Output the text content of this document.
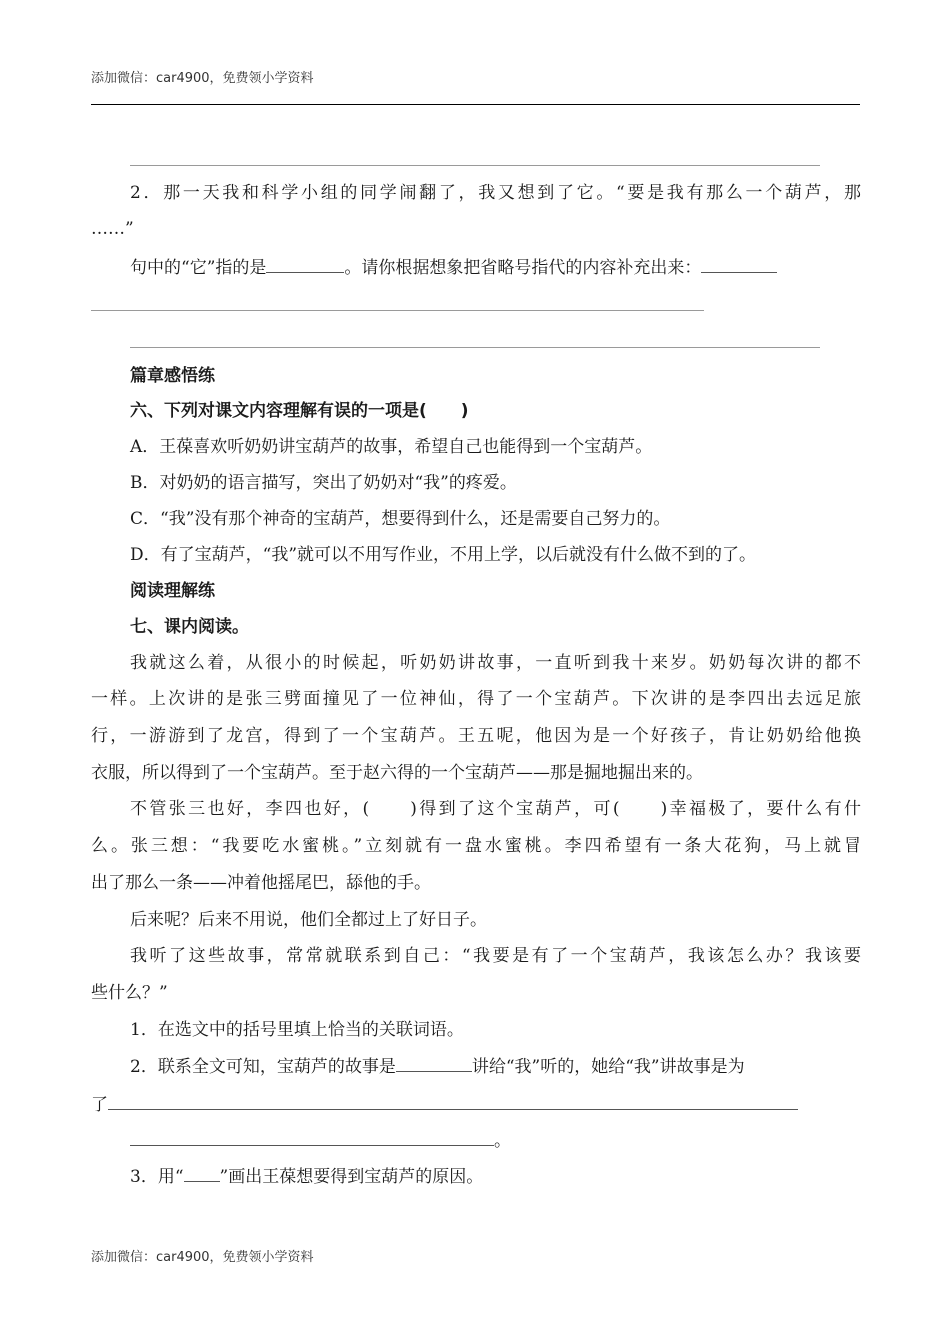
添加微信：car4900，免费领小学资料
2．那一天我和科学小组的同学闹翻了，我又想到了它。“要是我有那么一个葫芦，那
……”
句中的“它”指的是	。请你根据想象把省略号指代的内容补充出来：
篇章感悟练
六、下列对课文内容理解有误的一项是(　　)
A．王葆喜欢听奶奶讲宝葫芦的故事，希望自己也能得到一个宝葫芦。
B．对奶奶的语言描写，突出了奶奶对“我”的疼爱。
C．“我”没有那个神奇的宝葫芦，想要得到什么，还是需要自己努力的。
D．有了宝葫芦，“我”就可以不用写作业，不用上学，以后就没有什么做不到的了。
阅读理解练
七、课内阅读。
我就这么着，从很小的时候起，听奶奶讲故事，一直听到我十来岁。奶奶每次讲的都不
一样。上次讲的是张三劈面撞见了一位神仙，得了一个宝葫芦。下次讲的是李四出去远足旅
行，一游游到了龙宫，得到了一个宝葫芦。王五呢，他因为是一个好孩子，肯让奶奶给他换
衣服，所以得到了一个宝葫芦。至于赵六得的一个宝葫芦——那是掘地掘出来的。
不管张三也好，李四也好，(　　)得到了这个宝葫芦，可(　　)幸福极了，要什么有什
么。张三想：“我要吃水蜜桃。”立刻就有一盘水蜜桃。李四希望有一条大花狗，马上就冒
出了那么一条——冲着他摇尾巴，舔他的手。
后来呢？后来不用说，他们全都过上了好日子。
我听了这些故事，常常就联系到自己：“我要是有了一个宝葫芦，我该怎么办？我该要
些什么？”
1．在选文中的括号里填上恰当的关联词语。
2．联系全文可知，宝葫芦的故事是	讲给“我”听的，她给“我”讲故事是为
了
。
3．用“ ”画出王葆想要得到宝葫芦的原因。
添加微信：car4900，免费领小学资料
